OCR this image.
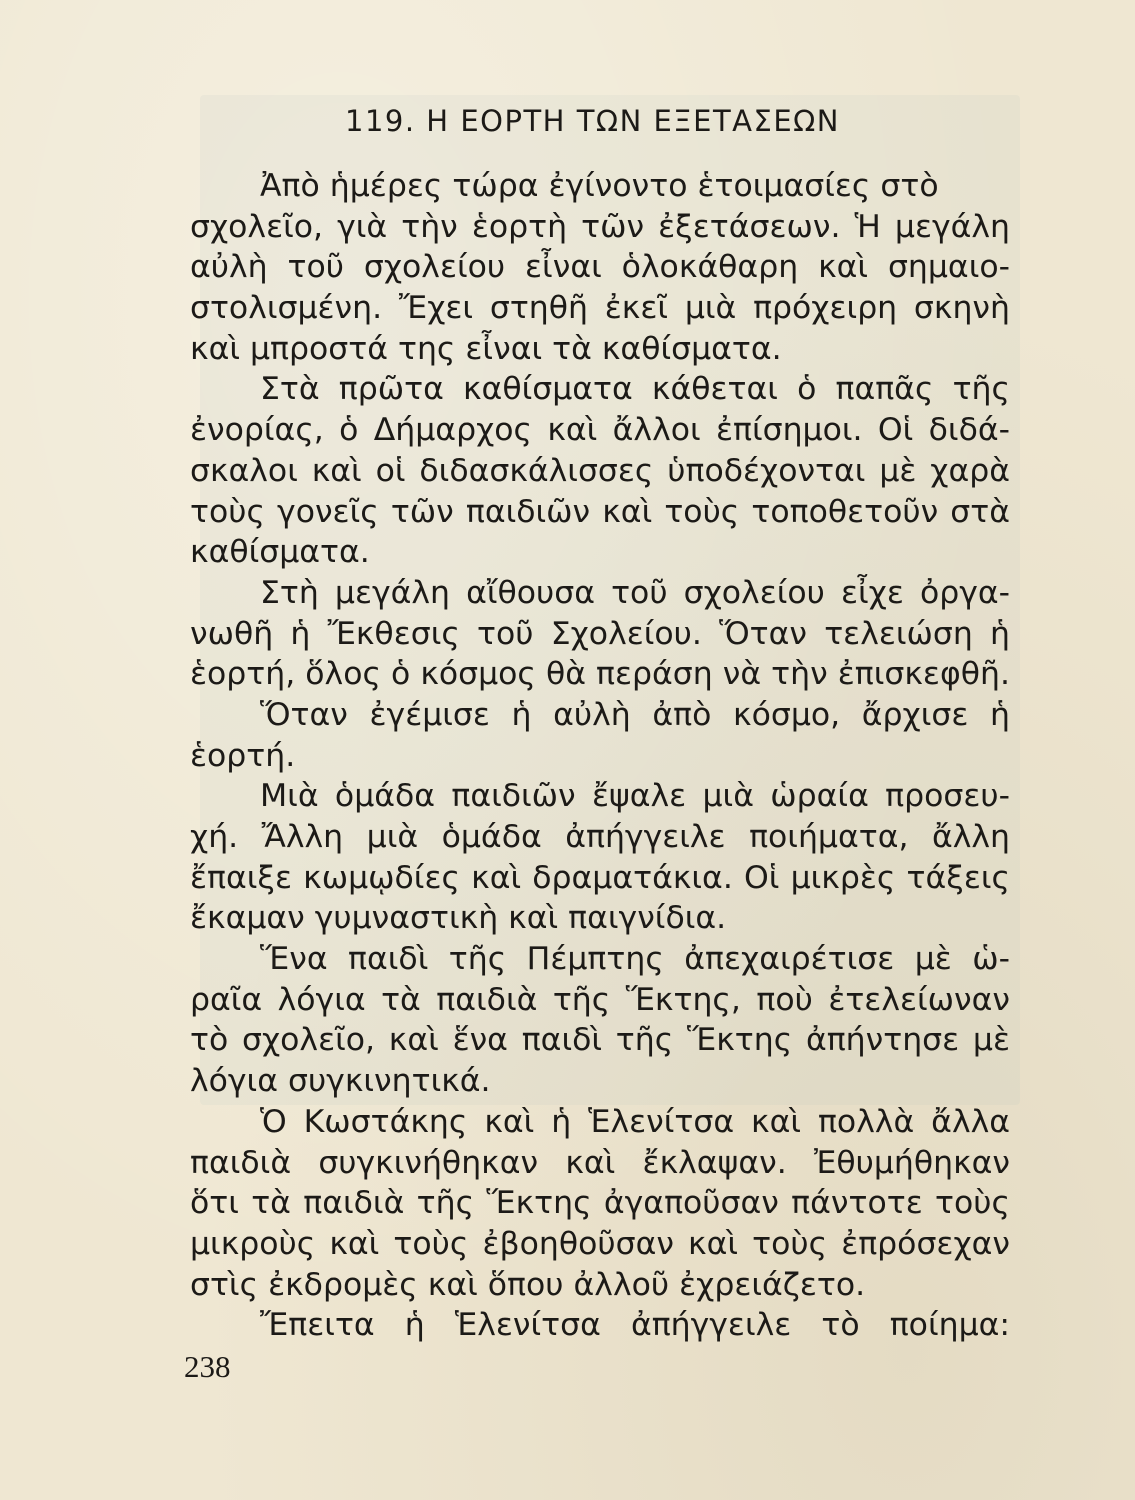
119. Η ΕΟΡΤΗ ΤΩΝ ΕΞΕΤΑΣΕΩΝ
Ἀπὸ ἡμέρες τώρα ἐγίνοντο ἑτοιμασίες στὸ
σχολεῖο, γιὰ τὴν ἑορτὴ τῶν ἐξετάσεων. Ἡ μεγάλη
αὐλὴ τοῦ σχολείου εἶναι ὁλοκάθαρη καὶ σημαιο-
στολισμένη. Ἔχει στηθῆ ἐκεῖ μιὰ πρόχειρη σκηνὴ
καὶ μπροστά της εἶναι τὰ καθίσματα.
Στὰ πρῶτα καθίσματα κάθεται ὁ παπᾶς τῆς
ἐνορίας, ὁ Δήμαρχος καὶ ἄλλοι ἐπίσημοι. Οἱ διδά-
σκαλοι καὶ οἱ διδασκάλισσες ὑποδέχονται μὲ χαρὰ
τοὺς γονεῖς τῶν παιδιῶν καὶ τοὺς τοποθετοῦν στὰ
καθίσματα.
Στὴ μεγάλη αἴθουσα τοῦ σχολείου εἶχε ὀργα-
νωθῆ ἡ Ἔκθεσις τοῦ Σχολείου. Ὅταν τελειώση ἡ
ἑορτή, ὅλος ὁ κόσμος θὰ περάση νὰ τὴν ἐπισκεφθῆ.
Ὅταν ἐγέμισε ἡ αὐλὴ ἀπὸ κόσμο, ἄρχισε ἡ
ἑορτή.
Μιὰ ὁμάδα παιδιῶν ἔψαλε μιὰ ὡραία προσευ-
χή. Ἄλλη μιὰ ὁμάδα ἀπήγγειλε ποιήματα, ἄλλη
ἔπαιξε κωμῳδίες καὶ δραματάκια. Οἱ μικρὲς τάξεις
ἔκαμαν γυμναστικὴ καὶ παιγνίδια.
Ἕνα παιδὶ τῆς Πέμπτης ἀπεχαιρέτισε μὲ ὡ-
ραῖα λόγια τὰ παιδιὰ τῆς Ἕκτης, ποὺ ἐτελείωναν
τὸ σχολεῖο, καὶ ἕνα παιδὶ τῆς Ἕκτης ἀπήντησε μὲ
λόγια συγκινητικά.
Ὁ Κωστάκης καὶ ἡ Ἑλενίτσα καὶ πολλὰ ἄλλα
παιδιὰ συγκινήθηκαν καὶ ἔκλαψαν. Ἐθυμήθηκαν
ὅτι τὰ παιδιὰ τῆς Ἕκτης ἀγαποῦσαν πάντοτε τοὺς
μικροὺς καὶ τοὺς ἐβοηθοῦσαν καὶ τοὺς ἐπρόσεχαν
στὶς ἐκδρομὲς καὶ ὅπου ἀλλοῦ ἐχρειάζετο.
Ἔπειτα ἡ Ἑλενίτσα ἀπήγγειλε τὸ ποίημα:
238
